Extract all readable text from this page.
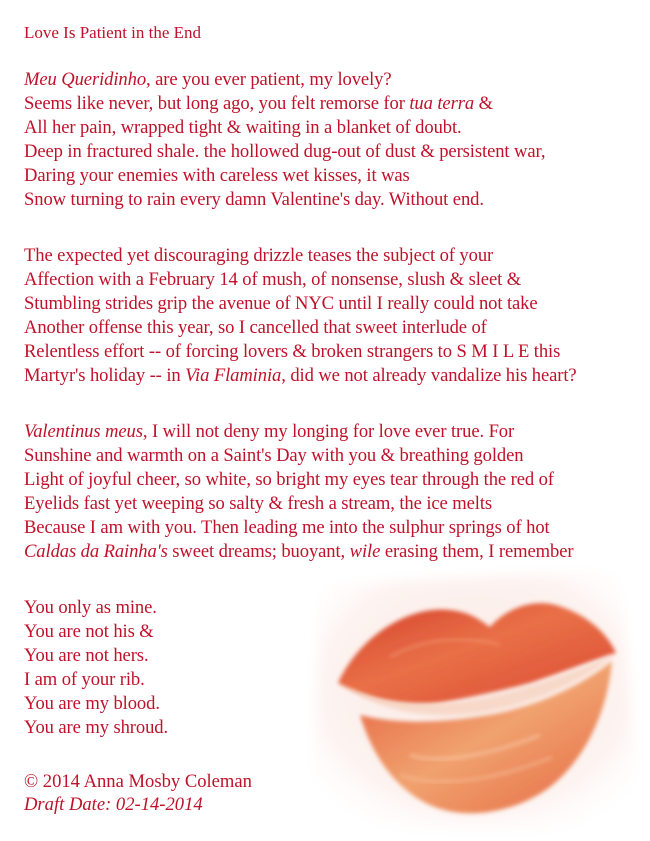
Love Is Patient in the End
Meu Queridinho, are you ever patient, my lovely?
Seems like never, but long ago, you felt remorse for tua terra &
All her pain, wrapped tight & waiting in a blanket of doubt.
Deep in fractured shale. the hollowed dug-out of dust & persistent war,
Daring your enemies with careless wet kisses, it was
Snow turning to rain every damn Valentine's day. Without end.
The expected yet discouraging drizzle teases the subject of your
Affection with a February 14 of mush, of nonsense, slush & sleet &
Stumbling strides grip the avenue of NYC until I really could not take
Another offense this year, so I cancelled that sweet interlude of
Relentless effort -- of forcing lovers & broken strangers to S M I L E this
Martyr's holiday -- in Via Flaminia, did we not already vandalize his heart?
Valentinus meus, I will not deny my longing for love ever true. For
Sunshine and warmth on a Saint's Day with you & breathing golden
Light of joyful cheer, so white, so bright my eyes tear through the red of
Eyelids fast yet weeping so salty & fresh a stream, the ice melts
Because I am with you. Then leading me into the sulphur springs of hot
Caldas da Rainha's sweet dreams; buoyant, wile erasing them, I remember
You only as mine.
You are not his &
You are not hers.
I am of your rib.
You are my blood.
You are my shroud.
© 2014 Anna Mosby Coleman
Draft Date: 02-14-2014
